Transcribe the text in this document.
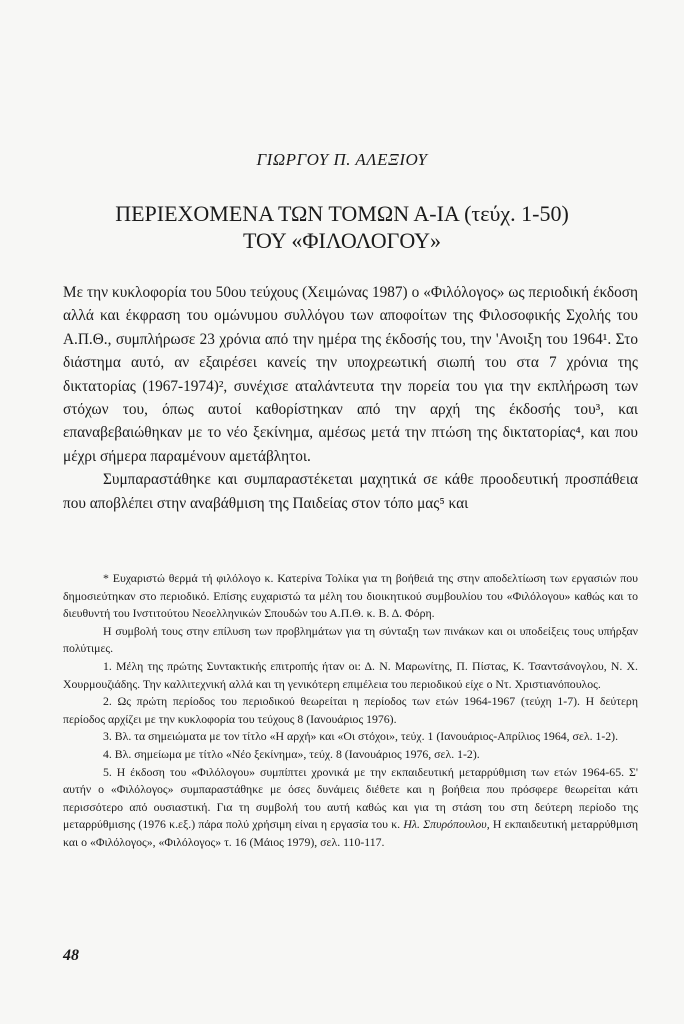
ΓΙΩΡΓΟΥ Π. ΑΛΕΞΙΟΥ
ΠΕΡΙΕΧΟΜΕΝΑ ΤΩΝ ΤΟΜΩΝ Α-ΙΑ (τεύχ. 1-50)
ΤΟΥ «ΦΙΛΟΛΟΓΟΥ»

Με την κυκλοφορία του 50ου τεύχους (Χειμώνας 1987) ο «Φιλόλογος» ως περιοδική έκδοση αλλά και έκφραση του ομώνυμου συλλόγου των αποφοίτων της Φιλοσοφικής Σχολής του Α.Π.Θ., συμπλήρωσε 23 χρόνια από την ημέρα της έκδοσής του, την 'Ανοιξη του 1964¹. Στο διάστημα αυτό, αν εξαιρέσει κανείς την υποχρεωτική σιωπή του στα 7 χρόνια της δικτατορίας (1967-1974)², συνέχισε αταλάντευτα την πορεία του για την εκπλήρωση των στόχων του, όπως αυτοί καθορίστηκαν από την αρχή της έκδοσής του³, και επαναβεβαιώθηκαν με το νέο ξεκίνημα, αμέσως μετά την πτώση της δικτατορίας⁴, και που μέχρι σήμερα παραμένουν αμετάβλητοι.

Συμπαραστάθηκε και συμπαραστέκεται μαχητικά σε κάθε προοδευτική προσπάθεια που αποβλέπει στην αναβάθμιση της Παιδείας στον τόπο μας⁵ και

* Ευχαριστώ θερμά τή φιλόλογο κ. Κατερίνα Τολίκα για τη βοήθειά της στην αποδελτίωση των εργασιών που δημοσιεύτηκαν στο περιοδικό. Επίσης ευχαριστώ τα μέλη του διοικητικού συμβουλίου του «Φιλόλογου» καθώς και το διευθυντή του Ινστιτούτου Νεοελληνικών Σπουδών του Α.Π.Θ. κ. Β. Δ. Φόρη.

Η συμβολή τους στην επίλυση των προβλημάτων για τη σύνταξη των πινάκων και οι υποδείξεις τους υπήρξαν πολύτιμες.

1. Μέλη της πρώτης Συντακτικής επιτροπής ήταν οι: Δ. Ν. Μαρωνίτης, Π. Πίστας, Κ. Τσαντσάνογλου, Ν. Χ. Χουρμουζιάδης. Την καλλιτεχνική αλλά και τη γενικότερη επιμέλεια του περιοδικού είχε ο Ντ. Χριστιανόπουλος.

2. Ως πρώτη περίοδος του περιοδικού θεωρείται η περίοδος των ετών 1964-1967 (τεύχη 1-7). Η δεύτερη περίοδος αρχίζει με την κυκλοφορία του τεύχους 8 (Ιανουάριος 1976).

3. Βλ. τα σημειώματα με τον τίτλο «Η αρχή» και «Οι στόχοι», τεύχ. 1 (Ιανουάριος-Απρίλιος 1964, σελ. 1-2).

4. Βλ. σημείωμα με τίτλο «Νέο ξεκίνημα», τεύχ. 8 (Ιανουάριος 1976, σελ. 1-2).

5. Η έκδοση του «Φιλόλογου» συμπίπτει χρονικά με την εκπαιδευτική μεταρρύθμιση των ετών 1964-65. Σ' αυτήν ο «Φιλόλογος» συμπαραστάθηκε με όσες δυνάμεις διέθετε και η βοήθεια που πρόσφερε θεωρείται κάτι περισσότερο από ουσιαστική. Για τη συμβολή του αυτή καθώς και για τη στάση του στη δεύτερη περίοδο της μεταρρύθμισης (1976 κ.εξ.) πάρα πολύ χρήσιμη είναι η εργασία του κ. Ηλ. Σπυρόπουλου, Η εκπαιδευτική μεταρρύθμιση και ο «Φιλόλογος», «Φιλόλογος» τ. 16 (Μάιος 1979), σελ. 110-117.

48
